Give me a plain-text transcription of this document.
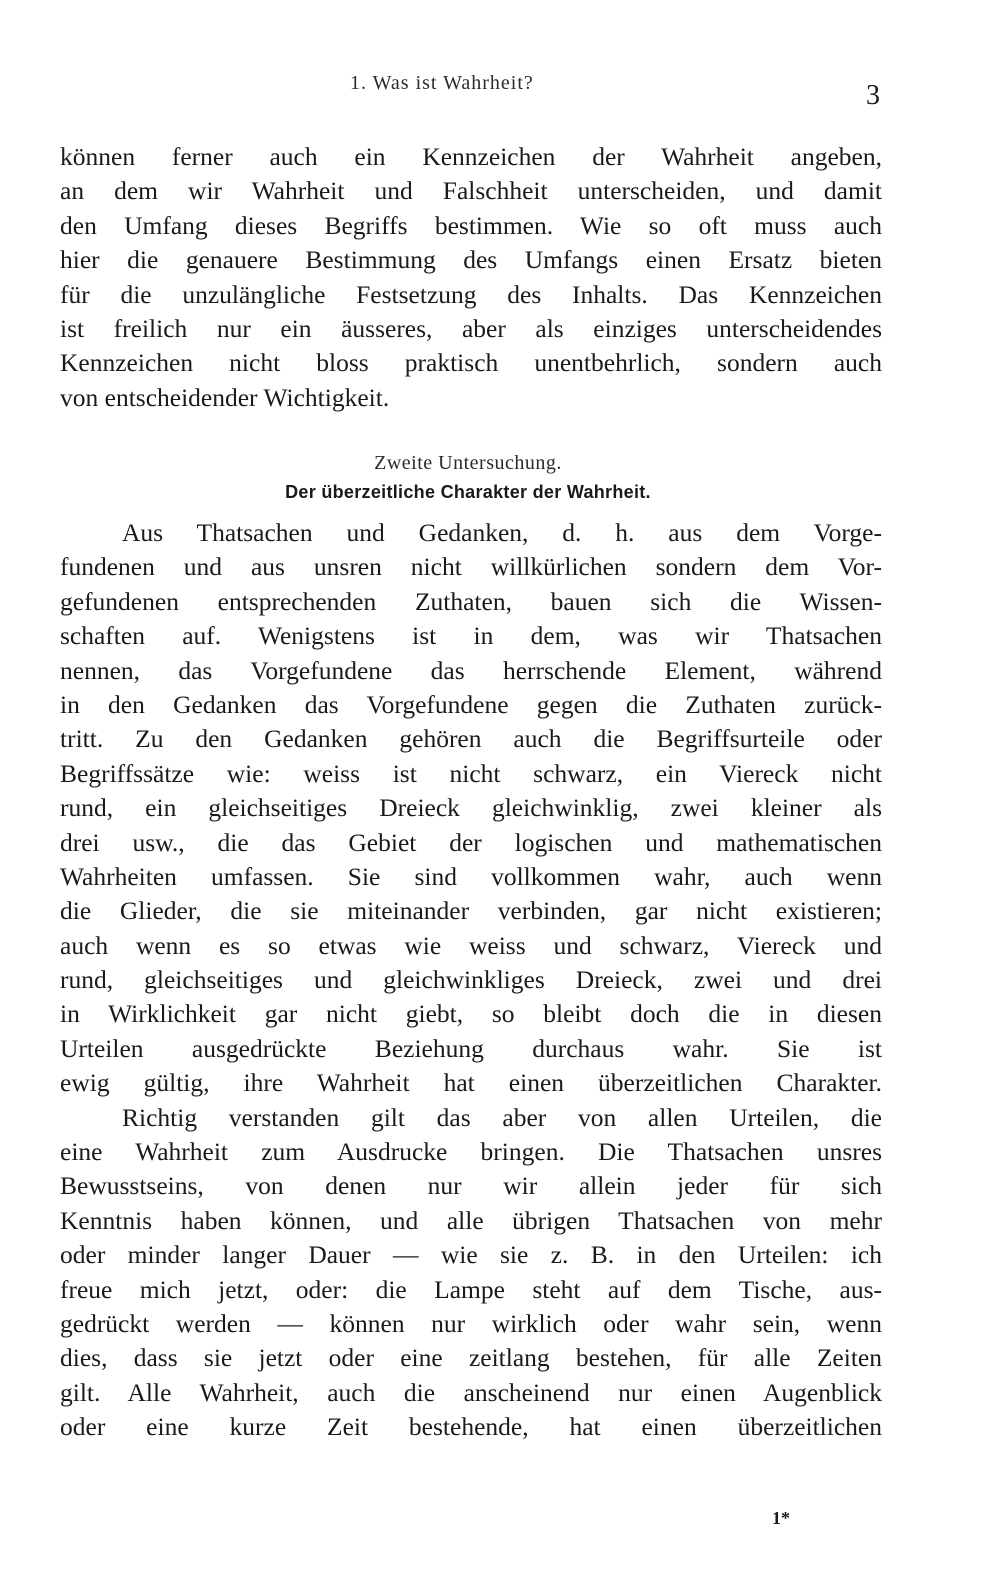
1. Was ist Wahrheit?	3
können ferner auch ein Kennzeichen der Wahrheit angeben,
an dem wir Wahrheit und Falschheit unterscheiden, und damit
den Umfang dieses Begriffs bestimmen. Wie so oft muss auch
hier die genauere Bestimmung des Umfangs einen Ersatz bieten
für die unzulängliche Festsetzung des Inhalts. Das Kennzeichen
ist freilich nur ein äusseres, aber als einziges unterscheidendes
Kennzeichen nicht bloss praktisch unentbehrlich, sondern auch
von entscheidender Wichtigkeit.
Zweite Untersuchung.
Der überzeitliche Charakter der Wahrheit.
Aus Thatsachen und Gedanken, d. h. aus dem Vorge-
fundenen und aus unsren nicht willkürlichen sondern dem Vor-
gefundenen entsprechenden Zuthaten, bauen sich die Wissen-
schaften auf. Wenigstens ist in dem, was wir Thatsachen
nennen, das Vorgefundene das herrschende Element, während
in den Gedanken das Vorgefundene gegen die Zuthaten zurück-
tritt. Zu den Gedanken gehören auch die Begriffsurteile oder
Begriffssätze wie: weiss ist nicht schwarz, ein Viereck nicht
rund, ein gleichseitiges Dreieck gleichwinklig, zwei kleiner als
drei usw., die das Gebiet der logischen und mathematischen
Wahrheiten umfassen. Sie sind vollkommen wahr, auch wenn
die Glieder, die sie miteinander verbinden, gar nicht existieren;
auch wenn es so etwas wie weiss und schwarz, Viereck und
rund, gleichseitiges und gleichwinkliges Dreieck, zwei und drei
in Wirklichkeit gar nicht giebt, so bleibt doch die in diesen
Urteilen ausgedrückte Beziehung durchaus wahr. Sie ist
ewig gültig, ihre Wahrheit hat einen überzeitlichen Charakter.
Richtig verstanden gilt das aber von allen Urteilen, die
eine Wahrheit zum Ausdrucke bringen. Die Thatsachen unsres
Bewusstseins, von denen nur wir allein jeder für sich
Kenntnis haben können, und alle übrigen Thatsachen von mehr
oder minder langer Dauer — wie sie z. B. in den Urteilen: ich
freue mich jetzt, oder: die Lampe steht auf dem Tische, aus-
gedrückt werden — können nur wirklich oder wahr sein, wenn
dies, dass sie jetzt oder eine zeitlang bestehen, für alle Zeiten
gilt. Alle Wahrheit, auch die anscheinend nur einen Augenblick
oder eine kurze Zeit bestehende, hat einen überzeitlichen
1*
